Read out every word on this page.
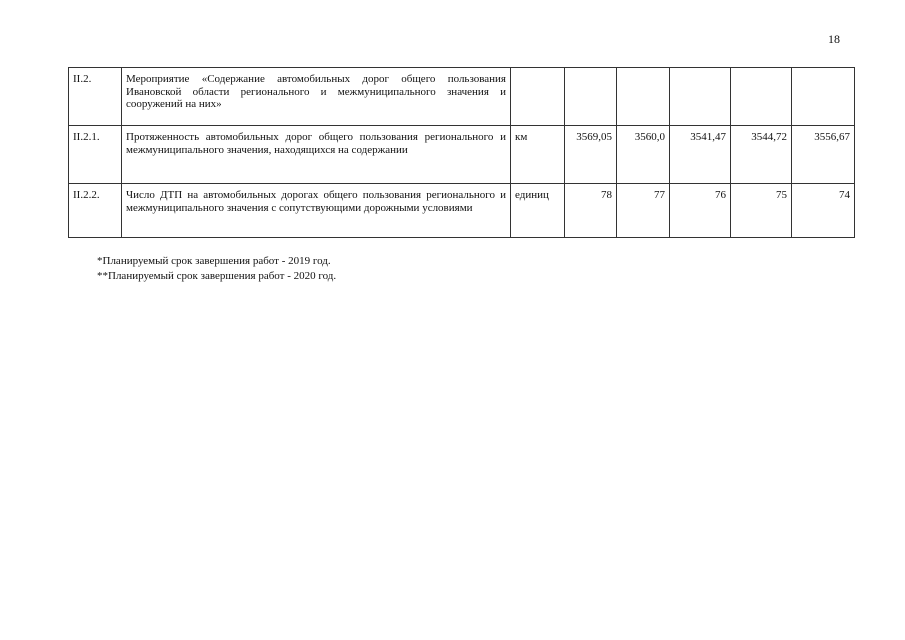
18
II.2.	Мероприятие «Содержание автомобильных дорог общего пользования Ивановской области регионального и межмуниципального значения и сооружений на них»						
II.2.1.	Протяженность автомобильных дорог общего пользования регионального и межмуниципального значения, находящихся на содержании	км	3569,05	3560,0	3541,47	3544,72	3556,67
II.2.2.	Число ДТП на автомобильных дорогах общего пользования регионального и межмуниципального значения с сопутствующими дорожными условиями	единиц	78	77	76	75	74
*Планируемый срок завершения работ - 2019 год.
**Планируемый срок завершения работ - 2020 год.
